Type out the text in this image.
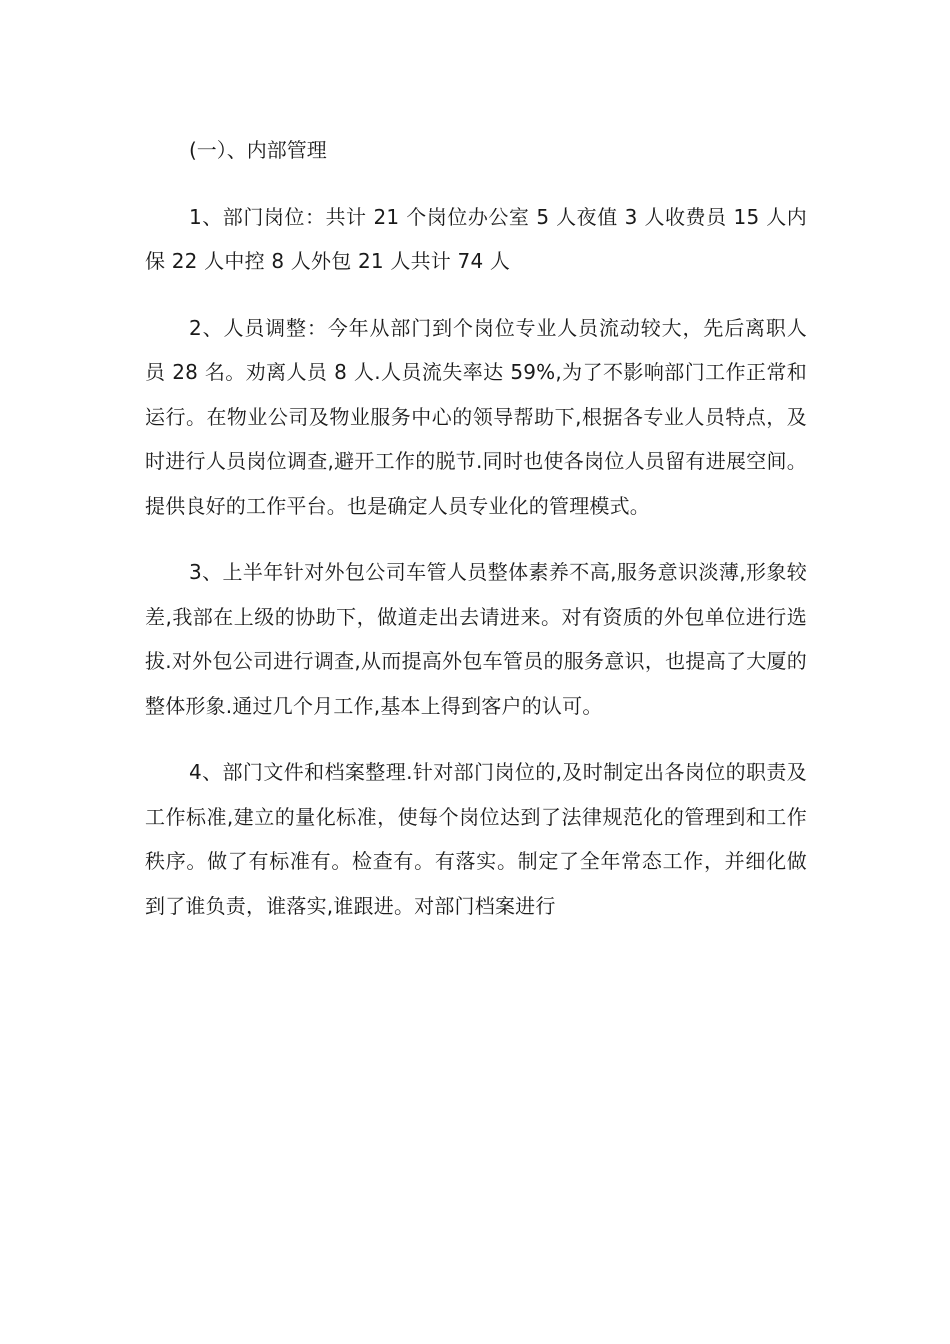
(一）、内部管理

1、部门岗位：共计 21 个岗位办公室 5 人夜值 3 人收费员 15 人内保 22 人中控 8 人外包 21 人共计 74 人

2、人员调整：今年从部门到个岗位专业人员流动较大，先后离职人员 28 名。劝离人员 8 人.人员流失率达 59%,为了不影响部门工作正常和运行。在物业公司及物业服务中心的领导帮助下,根据各专业人员特点，及时进行人员岗位调查,避开工作的脱节.同时也使各岗位人员留有进展空间。提供良好的工作平台。也是确定人员专业化的管理模式。

3、上半年针对外包公司车管人员整体素养不高,服务意识淡薄,形象较差,我部在上级的协助下，做道走出去请进来。对有资质的外包单位进行选拔.对外包公司进行调查,从而提高外包车管员的服务意识，也提高了大厦的整体形象.通过几个月工作,基本上得到客户的认可。

4、部门文件和档案整理.针对部门岗位的,及时制定出各岗位的职责及工作标准,建立的量化标准，使每个岗位达到了法律规范化的管理到和工作秩序。做了有标准有。检查有。有落实。制定了全年常态工作，并细化做到了谁负责，谁落实,谁跟进。对部门档案进行
